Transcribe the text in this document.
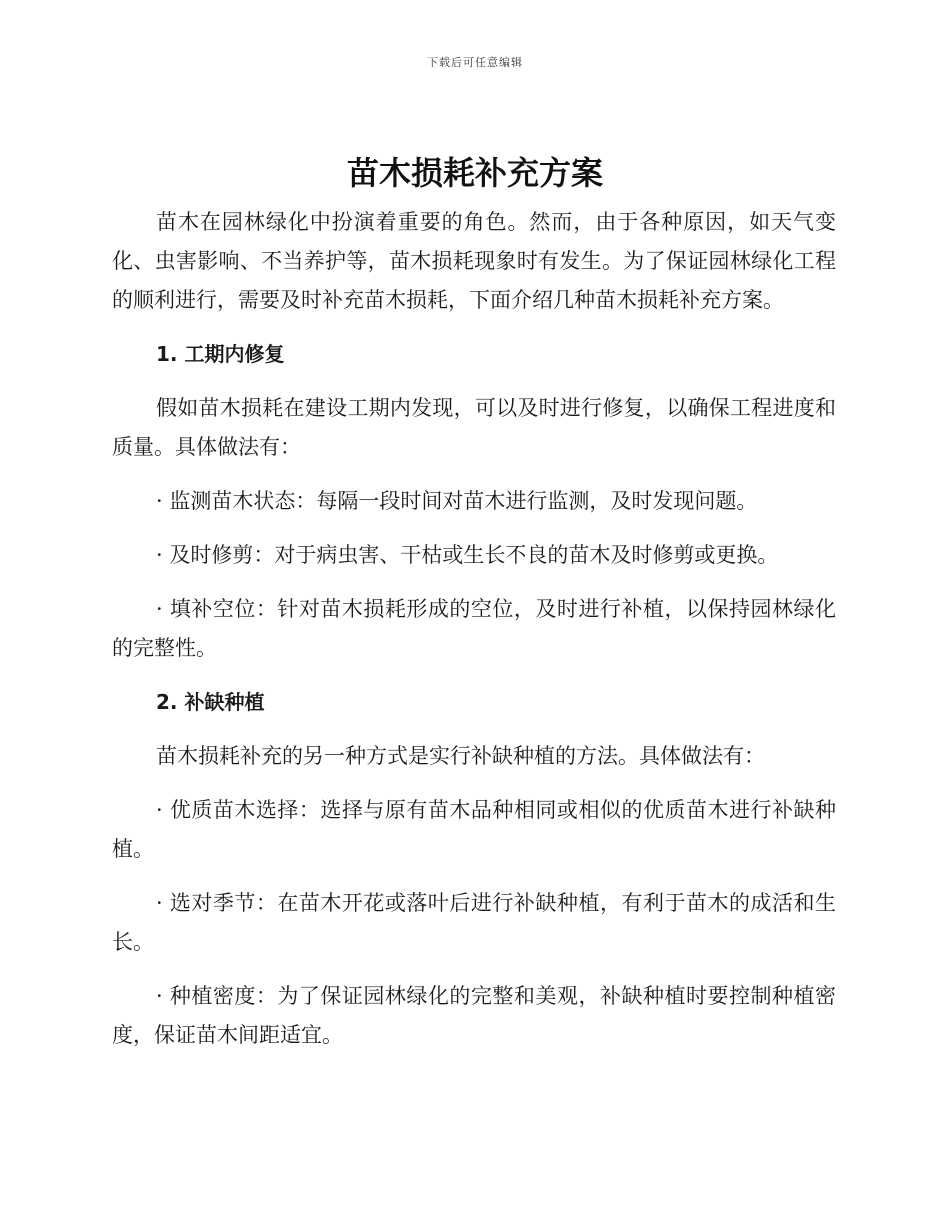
下载后可任意编辑
苗木损耗补充方案

苗木在园林绿化中扮演着重要的角色。然而，由于各种原因，如天气变化、虫害影响、不当养护等，苗木损耗现象时有发生。为了保证园林绿化工程的顺利进行，需要及时补充苗木损耗，下面介绍几种苗木损耗补充方案。

1. 工期内修复

假如苗木损耗在建设工期内发现，可以及时进行修复，以确保工程进度和质量。具体做法有：

· 监测苗木状态：每隔一段时间对苗木进行监测，及时发现问题。

· 及时修剪：对于病虫害、干枯或生长不良的苗木及时修剪或更换。

· 填补空位：针对苗木损耗形成的空位，及时进行补植，以保持园林绿化的完整性。

2. 补缺种植

苗木损耗补充的另一种方式是实行补缺种植的方法。具体做法有：

· 优质苗木选择：选择与原有苗木品种相同或相似的优质苗木进行补缺种植。

· 选对季节：在苗木开花或落叶后进行补缺种植，有利于苗木的成活和生长。

· 种植密度：为了保证园林绿化的完整和美观，补缺种植时要控制种植密度，保证苗木间距适宜。
